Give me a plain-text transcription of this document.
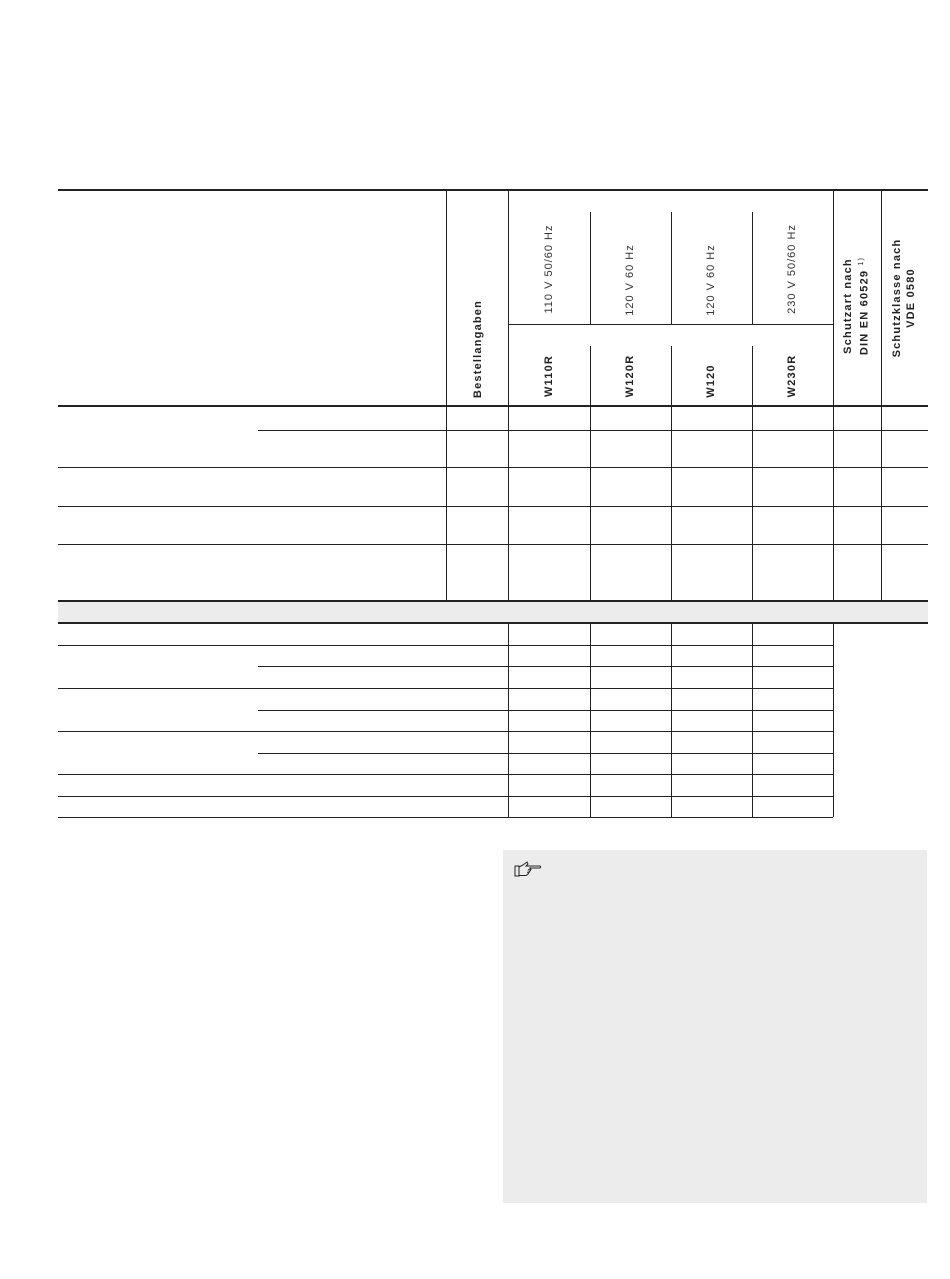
Bestellangaben
110 V 50/60 Hz	120 V 60 Hz	120 V 60 Hz	230 V 50/60 Hz
W110R	W120R	W120	W230R
Schutzart nach DIN EN 60529 $^{1)}$	Schutzklasse nach VDE 0580
